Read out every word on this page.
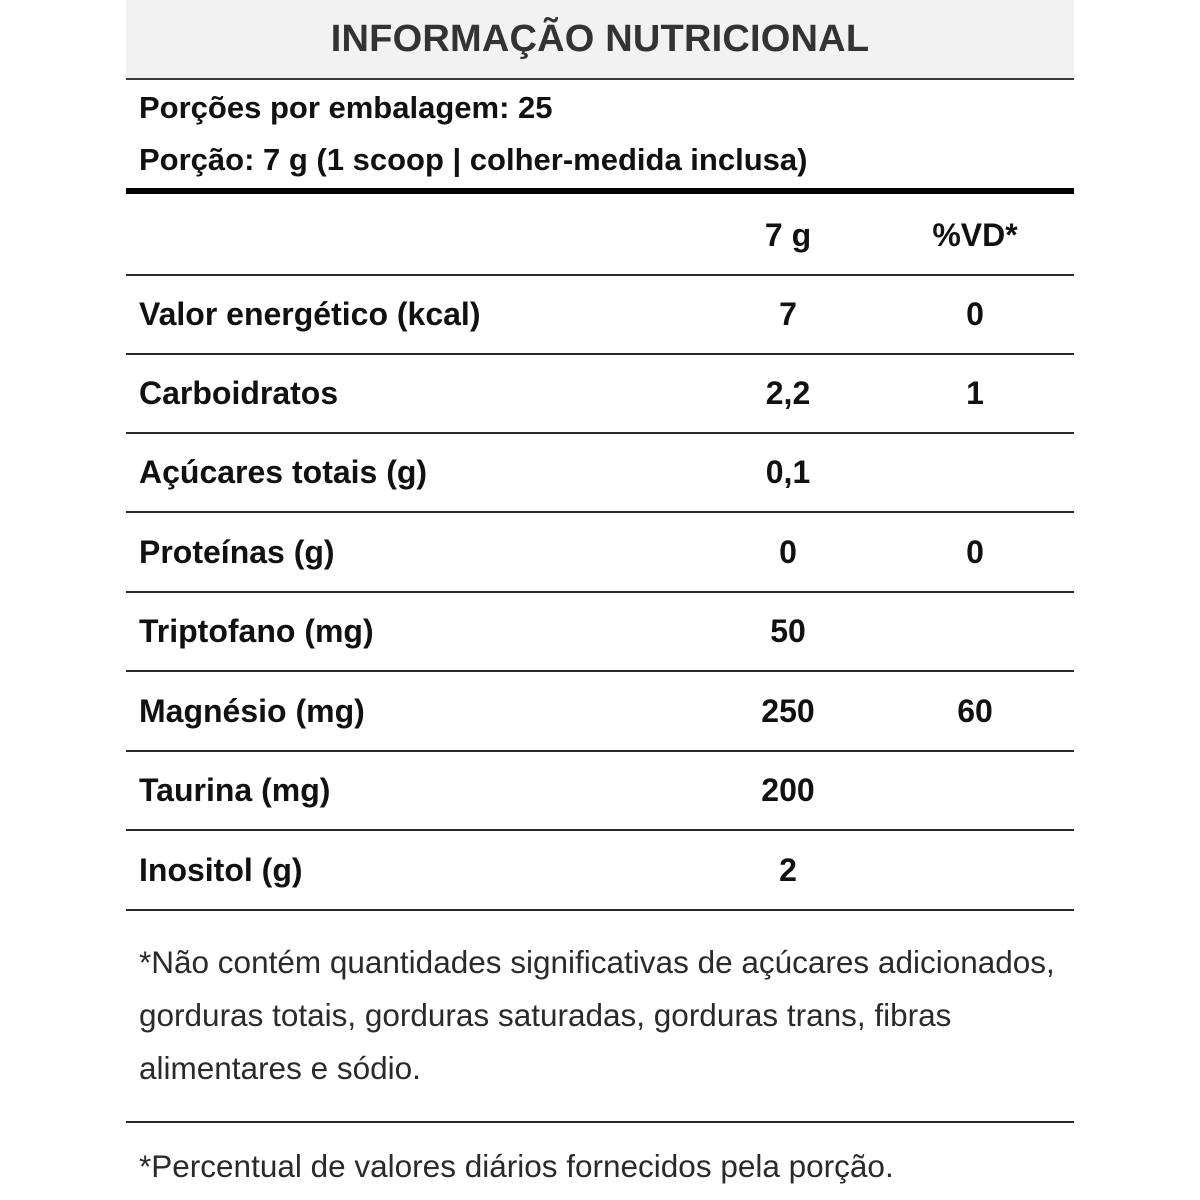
INFORMAÇÃO NUTRICIONAL
Porções por embalagem: 25
Porção: 7 g (1 scoop | colher-medida inclusa)
7 g	%VD*
Valor energético (kcal)	7	0
Carboidratos	2,2	1
Açúcares totais (g)	0,1
Proteínas (g)	0	0
Triptofano (mg)	50
Magnésio (mg)	250	60
Taurina (mg)	200
Inositol (g)	2
*Não contém quantidades significativas de açúcares adicionados, gorduras totais, gorduras saturadas, gorduras trans, fibras alimentares e sódio.
*Percentual de valores diários fornecidos pela porção.
